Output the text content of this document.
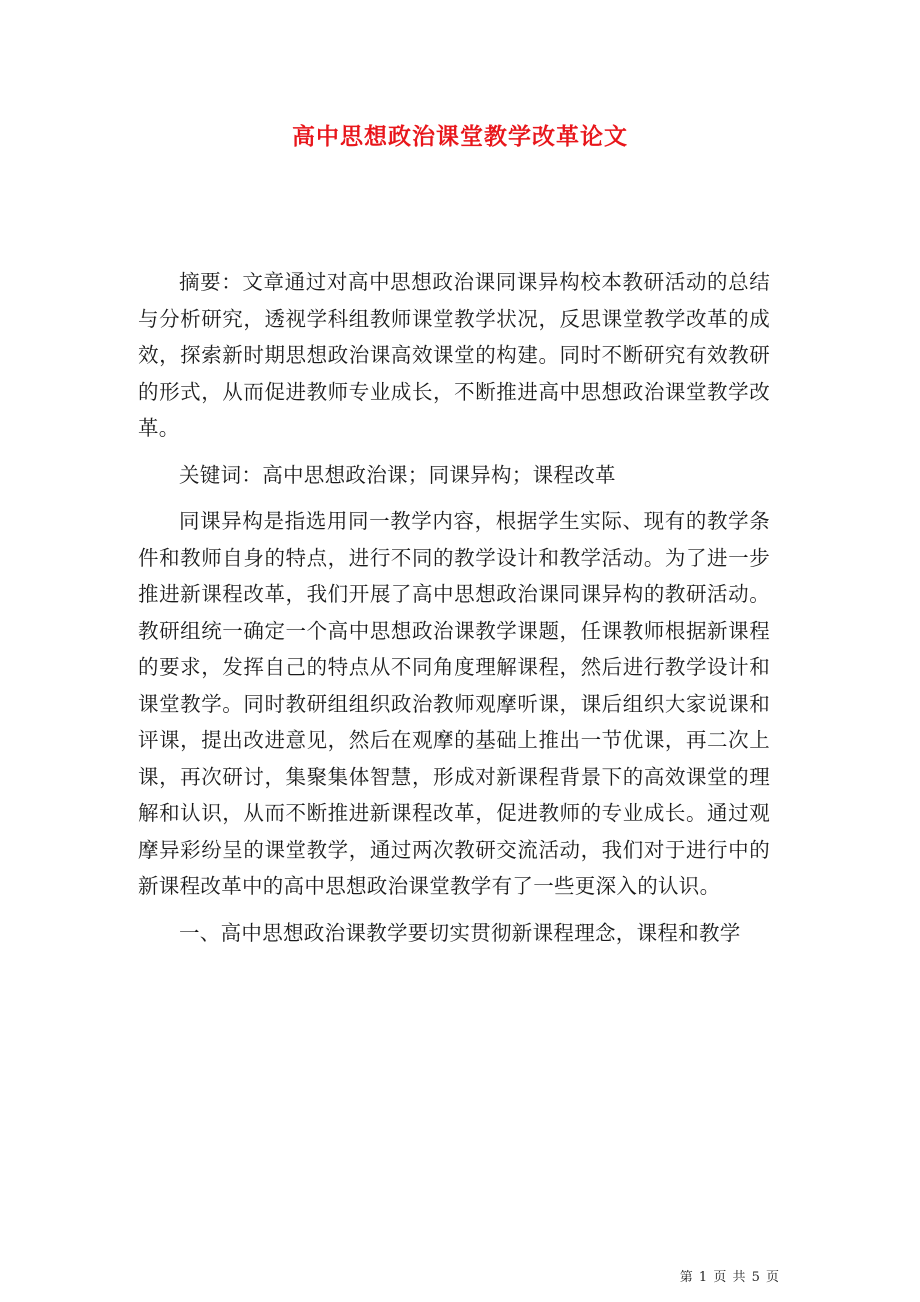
高中思想政治课堂教学改革论文

摘要：文章通过对高中思想政治课同课异构校本教研活动的总结与分析研究，透视学科组教师课堂教学状况，反思课堂教学改革的成效，探索新时期思想政治课高效课堂的构建。同时不断研究有效教研的形式，从而促进教师专业成长，不断推进高中思想政治课堂教学改革。

关键词：高中思想政治课；同课异构；课程改革

同课异构是指选用同一教学内容，根据学生实际、现有的教学条件和教师自身的特点，进行不同的教学设计和教学活动。为了进一步推进新课程改革，我们开展了高中思想政治课同课异构的教研活动。教研组统一确定一个高中思想政治课教学课题，任课教师根据新课程的要求，发挥自己的特点从不同角度理解课程，然后进行教学设计和课堂教学。同时教研组组织政治教师观摩听课，课后组织大家说课和评课，提出改进意见，然后在观摩的基础上推出一节优课，再二次上课，再次研讨，集聚集体智慧，形成对新课程背景下的高效课堂的理解和认识，从而不断推进新课程改革，促进教师的专业成长。通过观摩异彩纷呈的课堂教学，通过两次教研交流活动，我们对于进行中的新课程改革中的高中思想政治课堂教学有了一些更深入的认识。

一、高中思想政治课教学要切实贯彻新课程理念，课程和教学

第 1 页 共 5 页
